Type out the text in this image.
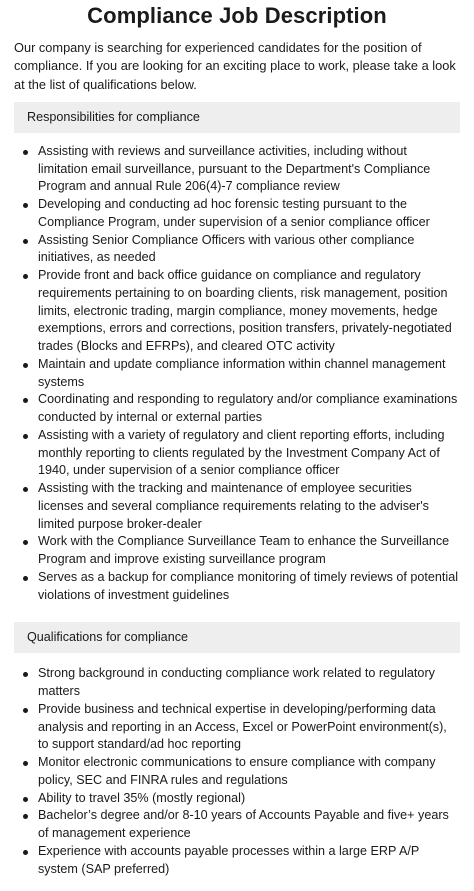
Compliance Job Description

Our company is searching for experienced candidates for the position of compliance. If you are looking for an exciting place to work, please take a look at the list of qualifications below.

Responsibilities for compliance
Assisting with reviews and surveillance activities, including without limitation email surveillance, pursuant to the Department's Compliance Program and annual Rule 206(4)-7 compliance review
Developing and conducting ad hoc forensic testing pursuant to the Compliance Program, under supervision of a senior compliance officer
Assisting Senior Compliance Officers with various other compliance initiatives, as needed
Provide front and back office guidance on compliance and regulatory requirements pertaining to on boarding clients, risk management, position limits, electronic trading, margin compliance, money movements, hedge exemptions, errors and corrections, position transfers, privately-negotiated trades (Blocks and EFRPs), and cleared OTC activity
Maintain and update compliance information within channel management systems
Coordinating and responding to regulatory and/or compliance examinations conducted by internal or external parties
Assisting with a variety of regulatory and client reporting efforts, including monthly reporting to clients regulated by the Investment Company Act of 1940, under supervision of a senior compliance officer
Assisting with the tracking and maintenance of employee securities licenses and several compliance requirements relating to the adviser's limited purpose broker-dealer
Work with the Compliance Surveillance Team to enhance the Surveillance Program and improve existing surveillance program
Serves as a backup for compliance monitoring of timely reviews of potential violations of investment guidelines
Qualifications for compliance
Strong background in conducting compliance work related to regulatory matters
Provide business and technical expertise in developing/performing data analysis and reporting in an Access, Excel or PowerPoint environment(s), to support standard/ad hoc reporting
Monitor electronic communications to ensure compliance with company policy, SEC and FINRA rules and regulations
Ability to travel 35% (mostly regional)
Bachelor’s degree and/or 8-10 years of Accounts Payable and five+ years of management experience
Experience with accounts payable processes within a large ERP A/P system (SAP preferred)
